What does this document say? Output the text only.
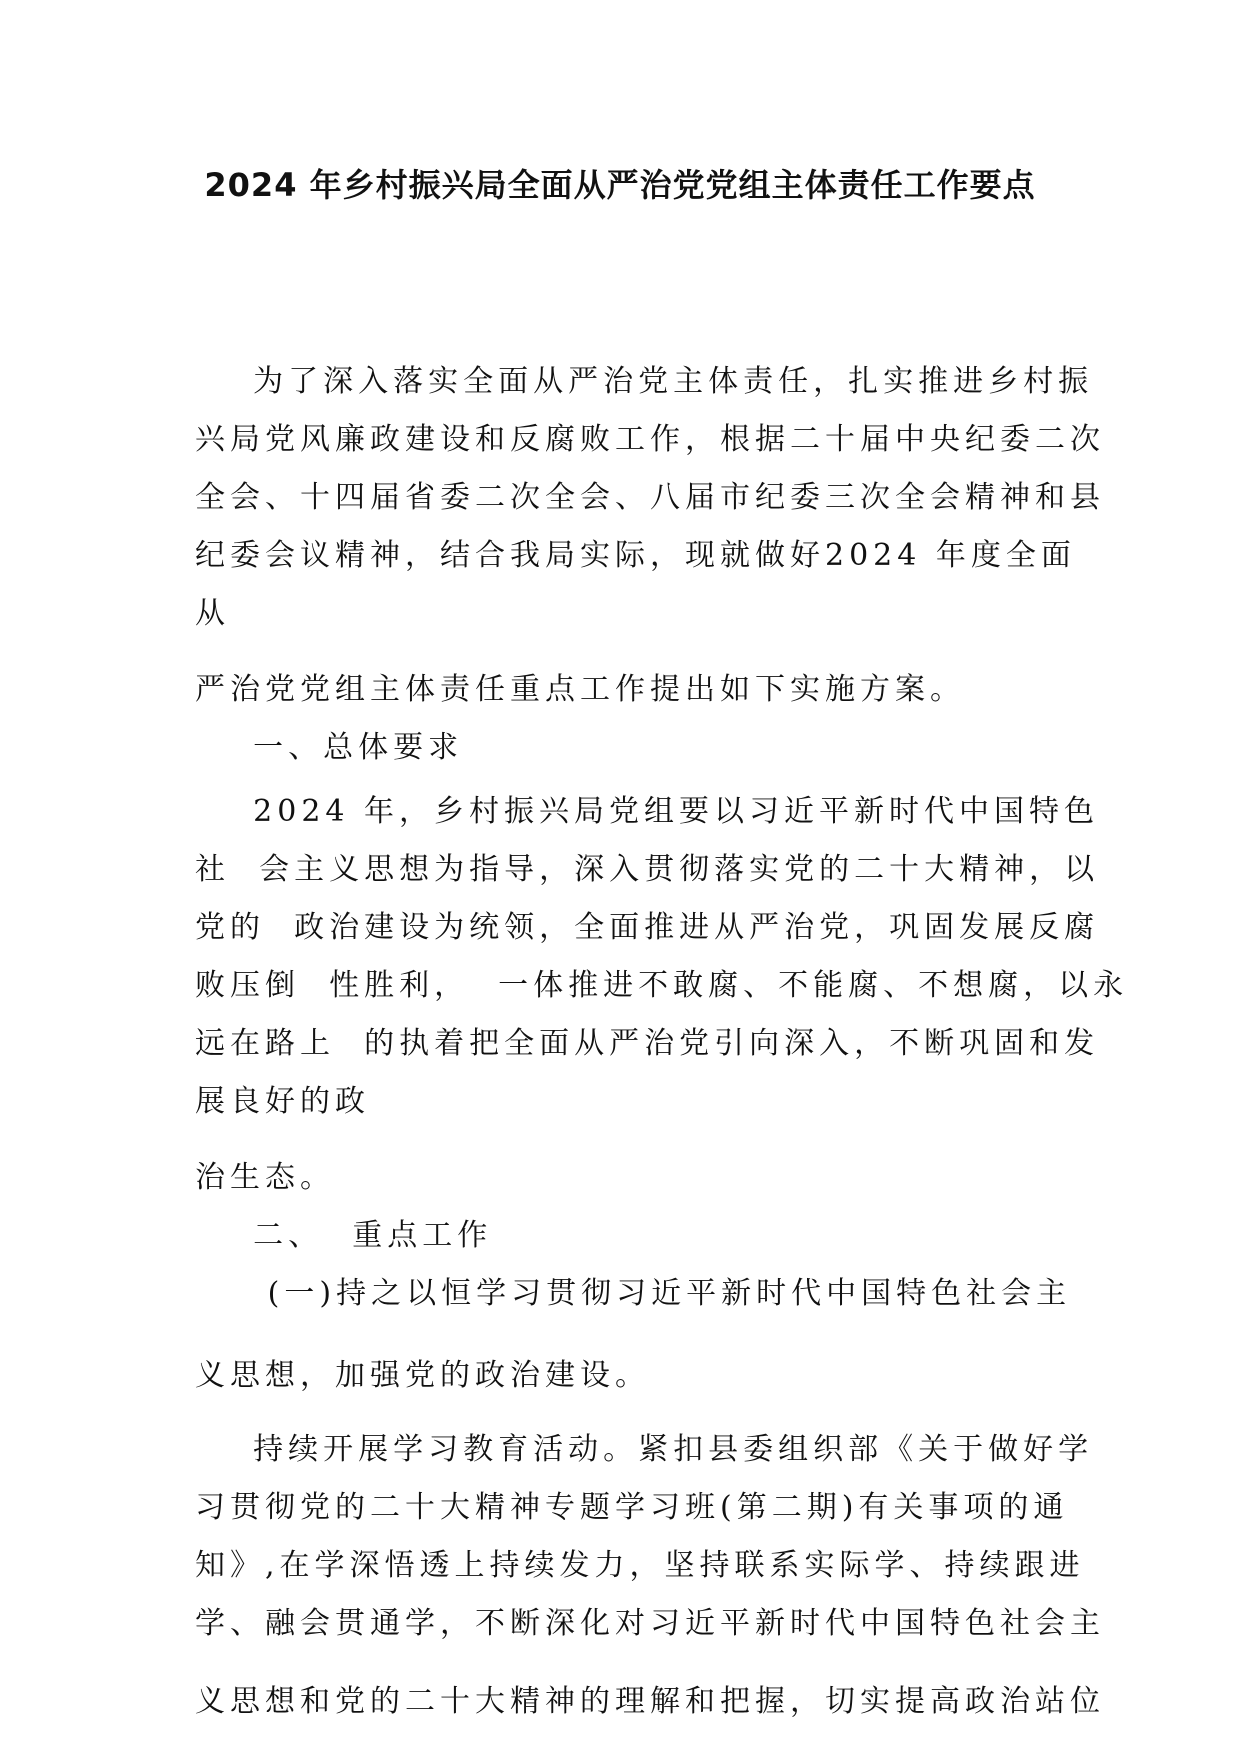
2024 年乡村振兴局全面从严治党党组主体责任工作要点
为了深入落实全面从严治党主体责任，扎实推进乡村振
兴局党风廉政建设和反腐败工作，根据二十届中央纪委二次
全会、十四届省委二次全会、八届市纪委三次全会精神和县
纪委会议精神，结合我局实际，现就做好2024 年度全面
从
严治党党组主体责任重点工作提出如下实施方案。
一、总体要求
2024 年，乡村振兴局党组要以习近平新时代中国特色
社  会主义思想为指导，深入贯彻落实党的二十大精神，以
党的  政治建设为统领，全面推进从严治党，巩固发展反腐
败压倒  性胜利，  一体推进不敢腐、不能腐、不想腐，以永
远在路上  的执着把全面从严治党引向深入，不断巩固和发
展良好的政
治生态。
二、  重点工作
(一)持之以恒学习贯彻习近平新时代中国特色社会主
义思想，加强党的政治建设。
持续开展学习教育活动。紧扣县委组织部《关于做好学
习贯彻党的二十大精神专题学习班(第二期)有关事项的通
知》,在学深悟透上持续发力，坚持联系实际学、持续跟进
学、融会贯通学，不断深化对习近平新时代中国特色社会主
义思想和党的二十大精神的理解和把握，切实提高政治站位
